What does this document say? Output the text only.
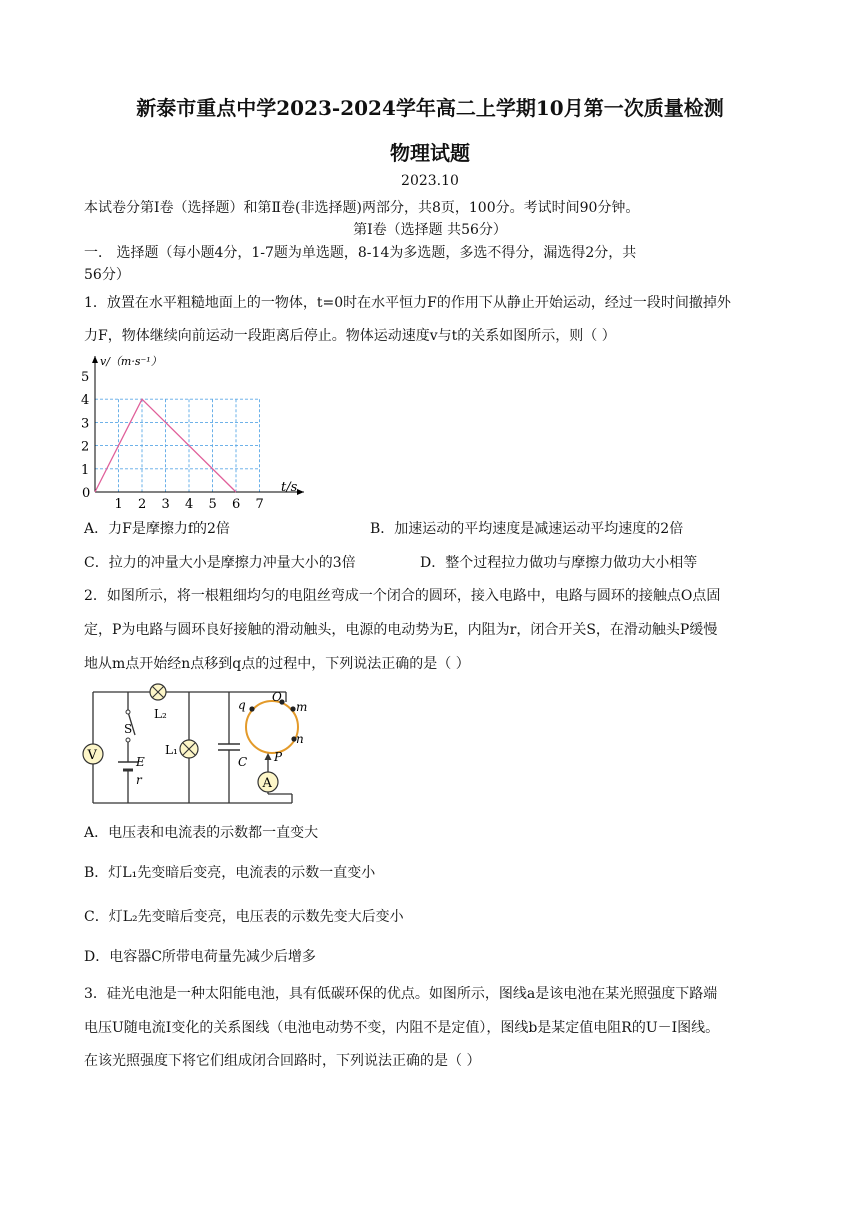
新泰市重点中学2023-2024学年高二上学期10月第一次质量检测
物理试题
2023.10
本试卷分第Ⅰ卷（选择题）和第Ⅱ卷(非选择题)两部分，共8页，100分。考试时间90分钟。
第Ⅰ卷（选择题 共56分）
一． 选择题（每小题4分，1-7题为单选题，8-14为多选题，多选不得分，漏选得2分，共
56分）
1．放置在水平粗糙地面上的一物体，t=0时在水平恒力F的作用下从静止开始运动，经过一段时间撤掉外
力F，物体继续向前运动一段距离后停止。物体运动速度v与t的关系如图所示，则（ ）
1 2 3 4 5 6 7
1
2
3
4
5
0	t/s
v/（m·s⁻¹）
A．力F是摩擦力f的2倍	B．加速运动的平均速度是减速运动平均速度的2倍
C．拉力的冲量大小是摩擦力冲量大小的3倍	D．整个过程拉力做功与摩擦力做功大小相等
2．如图所示，将一根粗细均匀的电阻丝弯成一个闭合的圆环，接入电路中，电路与圆环的接触点O点固
定，P为电路与圆环良好接触的滑动触头，电源的电动势为E，内阻为r，闭合开关S，在滑动触头P缓慢
地从m点开始经n点移到q点的过程中，下列说法正确的是（ ）
V
A
S
E
r
L₁
L₂
C
O
m
n
q
P
A．电压表和电流表的示数都一直变大
B．灯L₁先变暗后变亮，电流表的示数一直变小
C．灯L₂先变暗后变亮，电压表的示数先变大后变小
D．电容器C所带电荷量先减少后增多
3．硅光电池是一种太阳能电池，具有低碳环保的优点。如图所示，图线a是该电池在某光照强度下路端
电压U随电流I变化的关系图线（电池电动势不变，内阻不是定值），图线b是某定值电阻R的U－I图线。
在该光照强度下将它们组成闭合回路时，下列说法正确的是（ ）
